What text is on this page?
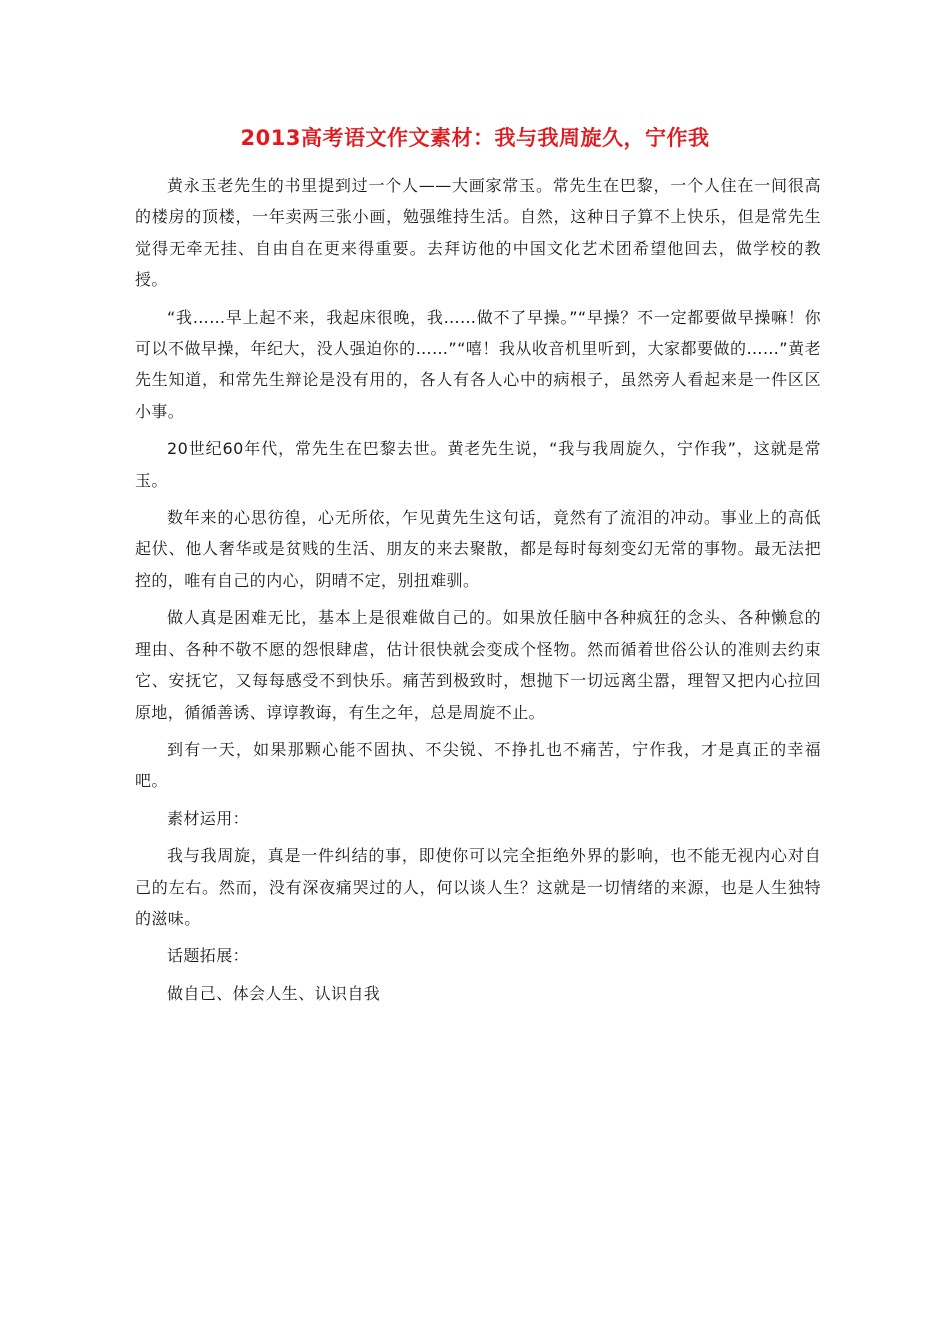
2013高考语文作文素材：我与我周旋久，宁作我

黄永玉老先生的书里提到过一个人——大画家常玉。常先生在巴黎，一个人住在一间很高的楼房的顶楼，一年卖两三张小画，勉强维持生活。自然，这种日子算不上快乐，但是常先生觉得无牵无挂、自由自在更来得重要。去拜访他的中国文化艺术团希望他回去，做学校的教授。

“我……早上起不来，我起床很晚，我……做不了早操。”“早操？不一定都要做早操嘛！你可以不做早操，年纪大，没人强迫你的……”“嘻！我从收音机里听到，大家都要做的……”黄老先生知道，和常先生辩论是没有用的，各人有各人心中的病根子，虽然旁人看起来是一件区区小事。

20世纪60年代，常先生在巴黎去世。黄老先生说，“我与我周旋久，宁作我”，这就是常玉。

数年来的心思彷徨，心无所依，乍见黄先生这句话，竟然有了流泪的冲动。事业上的高低起伏、他人奢华或是贫贱的生活、朋友的来去聚散，都是每时每刻变幻无常的事物。最无法把控的，唯有自己的内心，阴晴不定，别扭难驯。

做人真是困难无比，基本上是很难做自己的。如果放任脑中各种疯狂的念头、各种懒怠的理由、各种不敬不愿的怨恨肆虐，估计很快就会变成个怪物。然而循着世俗公认的准则去约束它、安抚它，又每每感受不到快乐。痛苦到极致时，想抛下一切远离尘嚣，理智又把内心拉回原地，循循善诱、谆谆教诲，有生之年，总是周旋不止。

到有一天，如果那颗心能不固执、不尖锐、不挣扎也不痛苦，宁作我，才是真正的幸福吧。

素材运用：

我与我周旋，真是一件纠结的事，即使你可以完全拒绝外界的影响，也不能无视内心对自己的左右。然而，没有深夜痛哭过的人，何以谈人生？这就是一切情绪的来源，也是人生独特的滋味。

话题拓展：

做自己、体会人生、认识自我
